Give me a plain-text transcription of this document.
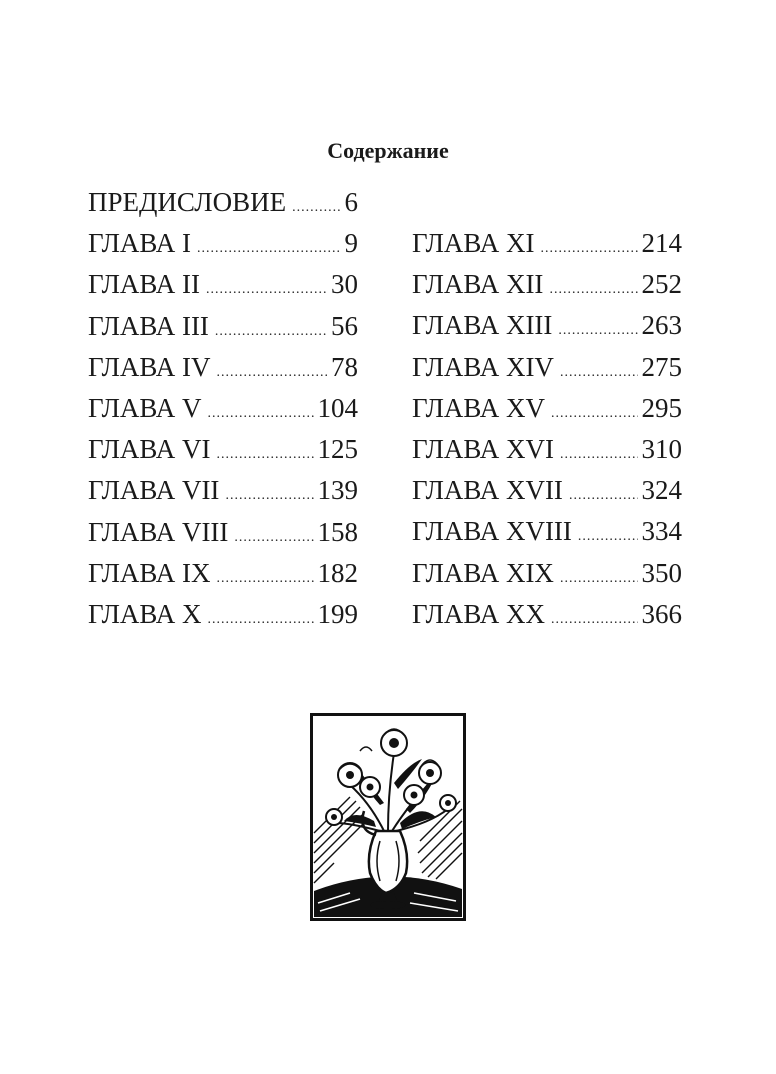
Содержание
ПРЕДИСЛОВИЕ ..... 6
ГЛАВА I .....	9
ГЛАВА II .....	30
ГЛАВА III .....	56
ГЛАВА IV .....	78
ГЛАВА V .....	104
ГЛАВА VI .....	125
ГЛАВА VII .....	139
ГЛАВА VIII .....	158
ГЛАВА IX .....	182
ГЛАВА X .....	199
ГЛАВА XI .....	214
ГЛАВА XII .....	252
ГЛАВА XIII .....	263
ГЛАВА XIV .....	275
ГЛАВА XV .....	295
ГЛАВА XVI .....	310
ГЛАВА XVII .....	324
ГЛАВА XVIII .....	334
ГЛАВА XIX .....	350
ГЛАВА XX .....	366
